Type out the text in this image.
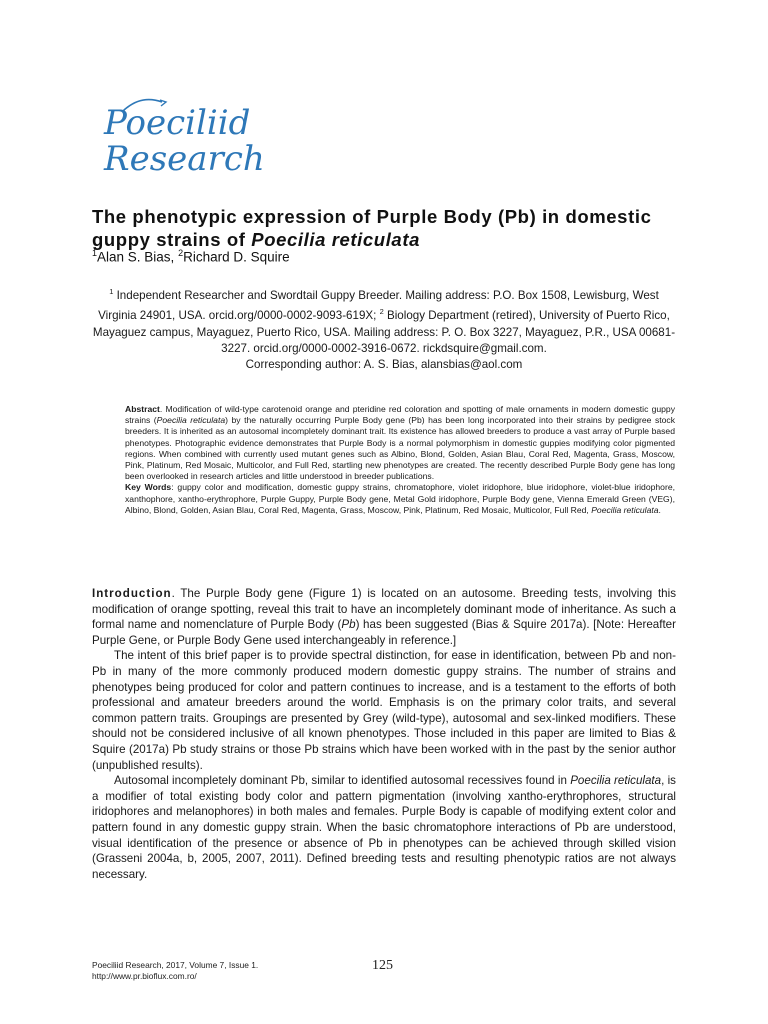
Poeciliid
Research
The phenotypic expression of Purple Body (Pb) in domestic guppy strains of Poecilia reticulata
$^1$Alan S. Bias, $^2$Richard D. Squire
$^1$ Independent Researcher and Swordtail Guppy Breeder. Mailing address: P.O. Box 1508, Lewisburg, West Virginia 24901, USA. orcid.org/0000-0002-9093-619X; $^2$ Biology Department (retired), University of Puerto Rico, Mayaguez campus, Mayaguez, Puerto Rico, USA. Mailing address: P. O. Box 3227, Mayaguez, P.R., USA 00681-3227. orcid.org/0000-0002-3916-0672. rickdsquire@gmail.com.
Corresponding author: A. S. Bias, alansbias@aol.com

Abstract. Modification of wild-type carotenoid orange and pteridine red coloration and spotting of male ornaments in modern domestic guppy strains (Poecilia reticulata) by the naturally occurring Purple Body gene (Pb) has been long incorporated into their strains by pedigree stock breeders. It is inherited as an autosomal incompletely dominant trait. Its existence has allowed breeders to produce a vast array of Purple based phenotypes. Photographic evidence demonstrates that Purple Body is a normal polymorphism in domestic guppies modifying color pigmented regions. When combined with currently used mutant genes such as Albino, Blond, Golden, Asian Blau, Coral Red, Magenta, Grass, Moscow, Pink, Platinum, Red Mosaic, Multicolor, and Full Red, startling new phenotypes are created. The recently described Purple Body gene has long been overlooked in research articles and little understood in breeder publications.

Key Words: guppy color and modification, domestic guppy strains, chromatophore, violet iridophore, blue iridophore, violet-blue iridophore, xanthophore, xantho-erythrophore, Purple Guppy, Purple Body gene, Metal Gold iridophore, Purple Body gene, Vienna Emerald Green (VEG), Albino, Blond, Golden, Asian Blau, Coral Red, Magenta, Grass, Moscow, Pink, Platinum, Red Mosaic, Multicolor, Full Red, Poecilia reticulata.

Introduction. The Purple Body gene (Figure 1) is located on an autosome. Breeding tests, involving this modification of orange spotting, reveal this trait to have an incompletely dominant mode of inheritance. As such a formal name and nomenclature of Purple Body (Pb) has been suggested (Bias & Squire 2017a). [Note: Hereafter Purple Gene, or Purple Body Gene used interchangeably in reference.]

The intent of this brief paper is to provide spectral distinction, for ease in identification, between Pb and non-Pb in many of the more commonly produced modern domestic guppy strains. The number of strains and phenotypes being produced for color and pattern continues to increase, and is a testament to the efforts of both professional and amateur breeders around the world. Emphasis is on the primary color traits, and several common pattern traits. Groupings are presented by Grey (wild-type), autosomal and sex-linked modifiers. These should not be considered inclusive of all known phenotypes. Those included in this paper are limited to Bias & Squire (2017a) Pb study strains or those Pb strains which have been worked with in the past by the senior author (unpublished results).

Autosomal incompletely dominant Pb, similar to identified autosomal recessives found in Poecilia reticulata, is a modifier of total existing body color and pattern pigmentation (involving xantho-erythrophores, structural iridophores and melanophores) in both males and females. Purple Body is capable of modifying extent color and pattern found in any domestic guppy strain. When the basic chromatophore interactions of Pb are understood, visual identification of the presence or absence of Pb in phenotypes can be achieved through skilled vision (Grasseni 2004a, b, 2005, 2007, 2011). Defined breeding tests and resulting phenotypic ratios are not always necessary.

Poeciliid Research, 2017, Volume 7, Issue 1.
http://www.pr.bioflux.com.ro/
125
